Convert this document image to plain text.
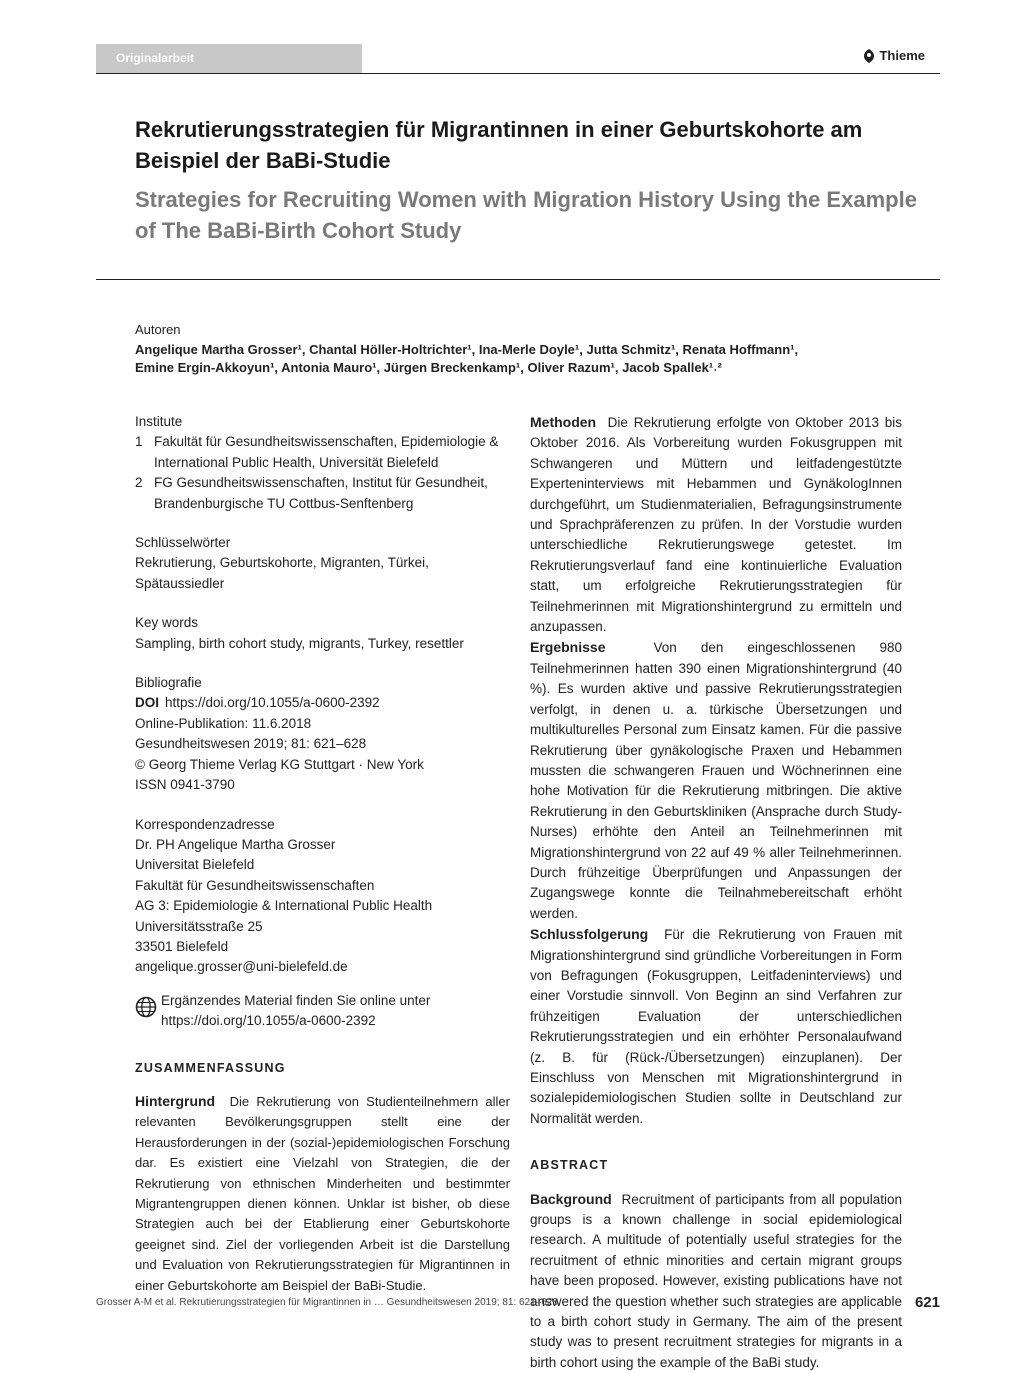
Originalarbeit	Thieme
Rekrutierungsstrategien für Migrantinnen in einer Geburtskohorte am Beispiel der BaBi-Studie
Strategies for Recruiting Women with Migration History Using the Example of The BaBi-Birth Cohort Study
Autoren
Angelique Martha Grosser¹, Chantal Höller-Holtrichter¹, Ina-Merle Doyle¹, Jutta Schmitz¹, Renata Hoffmann¹,
Emine Ergin-Akkoyun¹, Antonia Mauro¹, Jürgen Breckenkamp¹, Oliver Razum¹, Jacob Spallek¹˒²

Institute

1 Fakultät für Gesundheitswissenschaften, Epidemiologie & International Public Health, Universität Bielefeld
2 FG Gesundheitswissenschaften, Institut für Gesundheit, Brandenburgische TU Cottbus-Senftenberg

Schlüsselwörter

Rekrutierung, Geburtskohorte, Migranten, Türkei, Spätaussiedler

Key words

Sampling, birth cohort study, migrants, Turkey, resettler

Bibliografie

DOI https://doi.org/10.1055/a-0600-2392

Online-Publikation: 11.6.2018

Gesundheitswesen 2019; 81: 621–628

© Georg Thieme Verlag KG Stuttgart · New York

ISSN 0941-3790

Korrespondenzadresse

Dr. PH Angelique Martha Grosser

Universitat Bielefeld

Fakultät für Gesundheitswissenschaften

AG 3: Epidemiologie & International Public Health

Universitätsstraße 25

33501 Bielefeld

angelique.grosser@uni-bielefeld.de

Ergänzendes Material finden Sie online unter
https://doi.org/10.1055/a-0600-2392

ZUSAMMENFASSUNG

Hintergrund Die Rekrutierung von Studienteilnehmern aller relevanten Bevölkerungsgruppen stellt eine der Herausforderungen in der (sozial-)epidemiologischen Forschung dar. Es existiert eine Vielzahl von Strategien, die der Rekrutierung von ethnischen Minderheiten und bestimmter Migrantengruppen dienen können. Unklar ist bisher, ob diese Strategien auch bei der Etablierung einer Geburtskohorte geeignet sind. Ziel der vorliegenden Arbeit ist die Darstellung und Evaluation von Rekrutierungsstrategien für Migrantinnen in einer Geburtskohorte am Beispiel der BaBi-Studie.

Methoden Die Rekrutierung erfolgte von Oktober 2013 bis Oktober 2016. Als Vorbereitung wurden Fokusgruppen mit Schwangeren und Müttern und leitfadengestützte Experteninterviews mit Hebammen und GynäkologInnen durchgeführt, um Studienmaterialien, Befragungsinstrumente und Sprachpräferenzen zu prüfen. In der Vorstudie wurden unterschiedliche Rekrutierungswege getestet. Im Rekrutierungsverlauf fand eine kontinuierliche Evaluation statt, um erfolgreiche Rekrutierungsstrategien für Teilnehmerinnen mit Migrationshintergrund zu ermitteln und anzupassen.

Ergebnisse	Von den eingeschlossenen 980 Teilnehmerinnen hatten 390 einen Migrationshintergrund (40 %). Es wurden aktive und passive Rekrutierungsstrategien verfolgt, in denen u. a. türkische Übersetzungen und multikulturelles Personal zum Einsatz kamen. Für die passive Rekrutierung über gynäkologische Praxen und Hebammen mussten die schwangeren Frauen und Wöchnerinnen eine hohe Motivation für die Rekrutierung mitbringen. Die aktive Rekrutierung in den Geburtskliniken (Ansprache durch Study-Nurses) erhöhte den Anteil an Teilnehmerinnen mit Migrationshintergrund von 22 auf 49 % aller Teilnehmerinnen. Durch frühzeitige Überprüfungen und Anpassungen der Zugangswege konnte die Teilnahmebereitschaft erhöht werden.

Schlussfolgerung Für die Rekrutierung von Frauen mit Migrationshintergrund sind gründliche Vorbereitungen in Form von Befragungen (Fokusgruppen, Leitfadeninterviews) und einer Vorstudie sinnvoll. Von Beginn an sind Verfahren zur frühzeitigen Evaluation der unterschiedlichen Rekrutierungsstrategien und ein erhöhter Personalaufwand (z. B. für (Rück-/Übersetzungen) einzuplanen). Der Einschluss von Menschen mit Migrationshintergrund in sozialepidemiologischen Studien sollte in Deutschland zur Normalität werden.

ABSTRACT

Background Recruitment of participants from all population groups is a known challenge in social epidemiological research. A multitude of potentially useful strategies for the recruitment of ethnic minorities and certain migrant groups have been proposed. However, existing publications have not answered the question whether such strategies are applicable to a birth cohort study in Germany. The aim of the present study was to present recruitment strategies for migrants in a birth cohort using the example of the BaBi study.

Grosser A-M et al. Rekrutierungsstrategien für Migrantinnen in … Gesundheitswesen 2019; 81: 621–628	621
